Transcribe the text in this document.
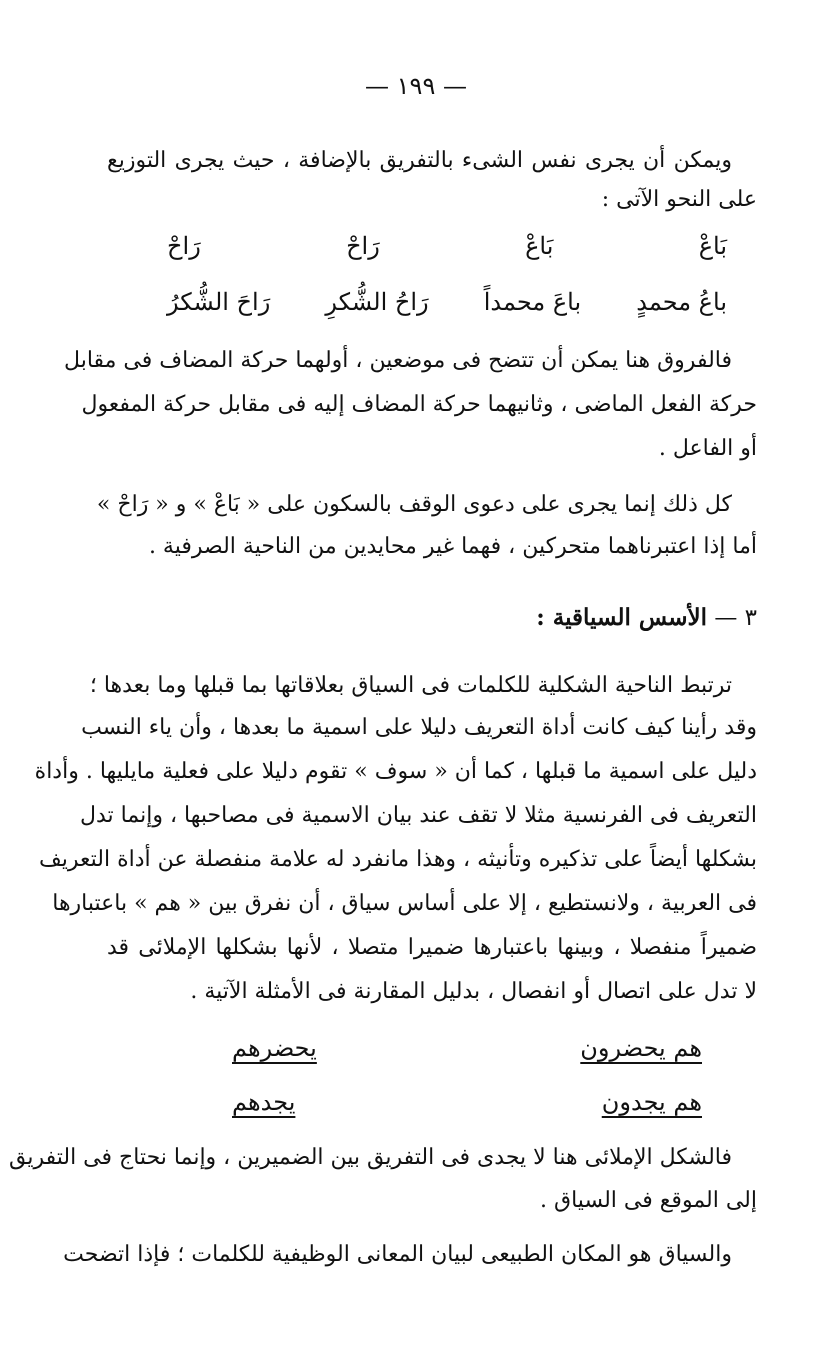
— ١٩٩ —
ويمكن أن يجرى نفس الشىء بالتفريق بالإضافة ، حيث يجرى التوزيع
على النحو الآتى :
بَاعْ
بَاعْ
رَاحْ
رَاحْ
باعُ محمدٍ
باعَ محمداً
رَاحُ الشُّكرِ
رَاحَ الشُّكرُ
فالفروق هنا يمكن أن تتضح فى موضعين ، أولهما حركة المضاف فى مقابل
حركة الفعل الماضى ، وثانيهما حركة المضاف إليه فى مقابل حركة المفعول
أو الفاعل .
كل ذلك إنما يجرى على دعوى الوقف بالسكون على « بَاعْ » و « رَاحْ »
أما إذا اعتبرناهما متحركين ، فهما غير محايدين من الناحية الصرفية .
٣ — الأسس السياقية :
ترتبط الناحية الشكلية للكلمات فى السياق بعلاقاتها بما قبلها وما بعدها ؛
وقد رأينا كيف كانت أداة التعريف دليلا على اسمية ما بعدها ، وأن ياء النسب
دليل على اسمية ما قبلها ، كما أن « سوف » تقوم دليلا على فعلية مايليها . وأداة
التعريف فى الفرنسية مثلا لا تقف عند بيان الاسمية فى مصاحبها ، وإنما تدل
بشكلها أيضاً على تذكيره وتأنيثه ، وهذا مانفرد له علامة منفصلة عن أداة التعريف
فى العربية ، ولانستطيع ، إلا على أساس سياق ، أن نفرق بين « هم » باعتبارها
ضميراً منفصلا ، وبينها باعتبارها ضميرا متصلا ، لأنها بشكلها الإملائى قد
لا تدل على اتصال أو انفصال ، بدليل المقارنة فى الأمثلة الآتية .
هم يحضرون
يحضرهم
هم يجدون
يجدهم
فالشكل الإملائى هنا لا يجدى فى التفريق بين الضميرين ، وإنما نحتاج فى التفريق
إلى الموقع فى السياق .
والسياق هو المكان الطبيعى لبيان المعانى الوظيفية للكلمات ؛ فإذا اتضحت
